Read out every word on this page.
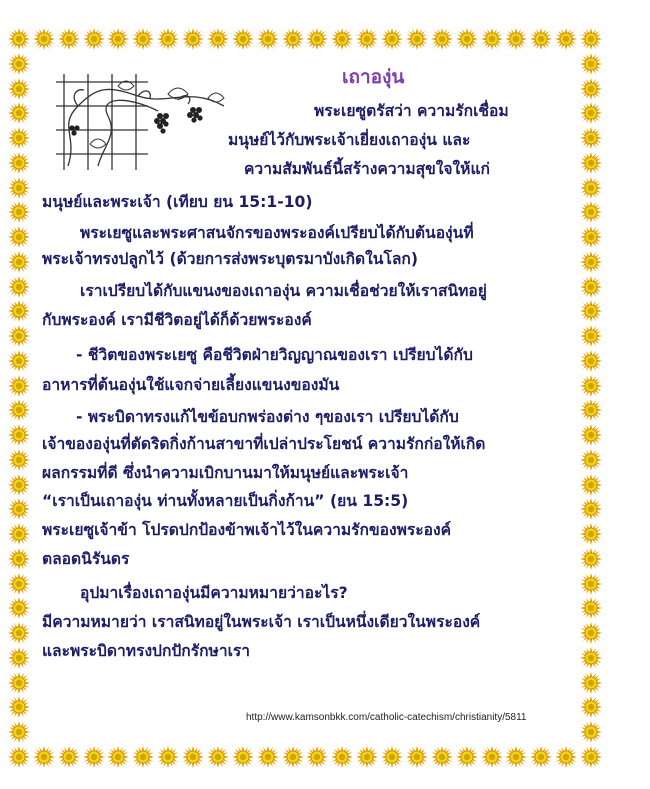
เถาองุ่น
พระเยซูตรัสว่า ความรักเชื่อม
มนุษย์ไว้กับพระเจ้าเยี่ยงเถาองุ่น และ
ความสัมพันธ์นี้สร้างความสุขใจให้แก่
มนุษย์และพระเจ้า (เทียบ ยน 15:1-10)
พระเยซูและพระศาสนจักรของพระองค์เปรียบได้กับต้นองุ่นที่
พระเจ้าทรงปลูกไว้ (ด้วยการส่งพระบุตรมาบังเกิดในโลก)
เราเปรียบได้กับแขนงของเถาองุ่น ความเชื่อช่วยให้เราสนิทอยู่
กับพระองค์ เรามีชีวิตอยู่ได้ก็ด้วยพระองค์
- ชีวิตของพระเยซู คือชีวิตฝ่ายวิญญาณของเรา เปรียบได้กับ
อาหารที่ต้นองุ่นใช้แจกจ่ายเลี้ยงแขนงของมัน
- พระบิดาทรงแก้ไขข้อบกพร่องต่าง ๆของเรา เปรียบได้กับ
เจ้าขององุ่นที่ตัดริดกิ่งก้านสาขาที่เปล่าประโยชน์ ความรักก่อให้เกิด
ผลกรรมที่ดี ซึ่งนำความเบิกบานมาให้มนุษย์และพระเจ้า
“เราเป็นเถาองุ่น ท่านทั้งหลายเป็นกิ่งก้าน” (ยน 15:5)
พระเยซูเจ้าข้า โปรดปกป้องข้าพเจ้าไว้ในความรักของพระองค์
ตลอดนิรันดร
อุปมาเรื่องเถาองุ่นมีความหมายว่าอะไร?
มีความหมายว่า เราสนิทอยู่ในพระเจ้า เราเป็นหนึ่งเดียวในพระองค์
และพระบิดาทรงปกปักรักษาเรา
http://www.kamsonbkk.com/catholic-catechism/christianity/5811
